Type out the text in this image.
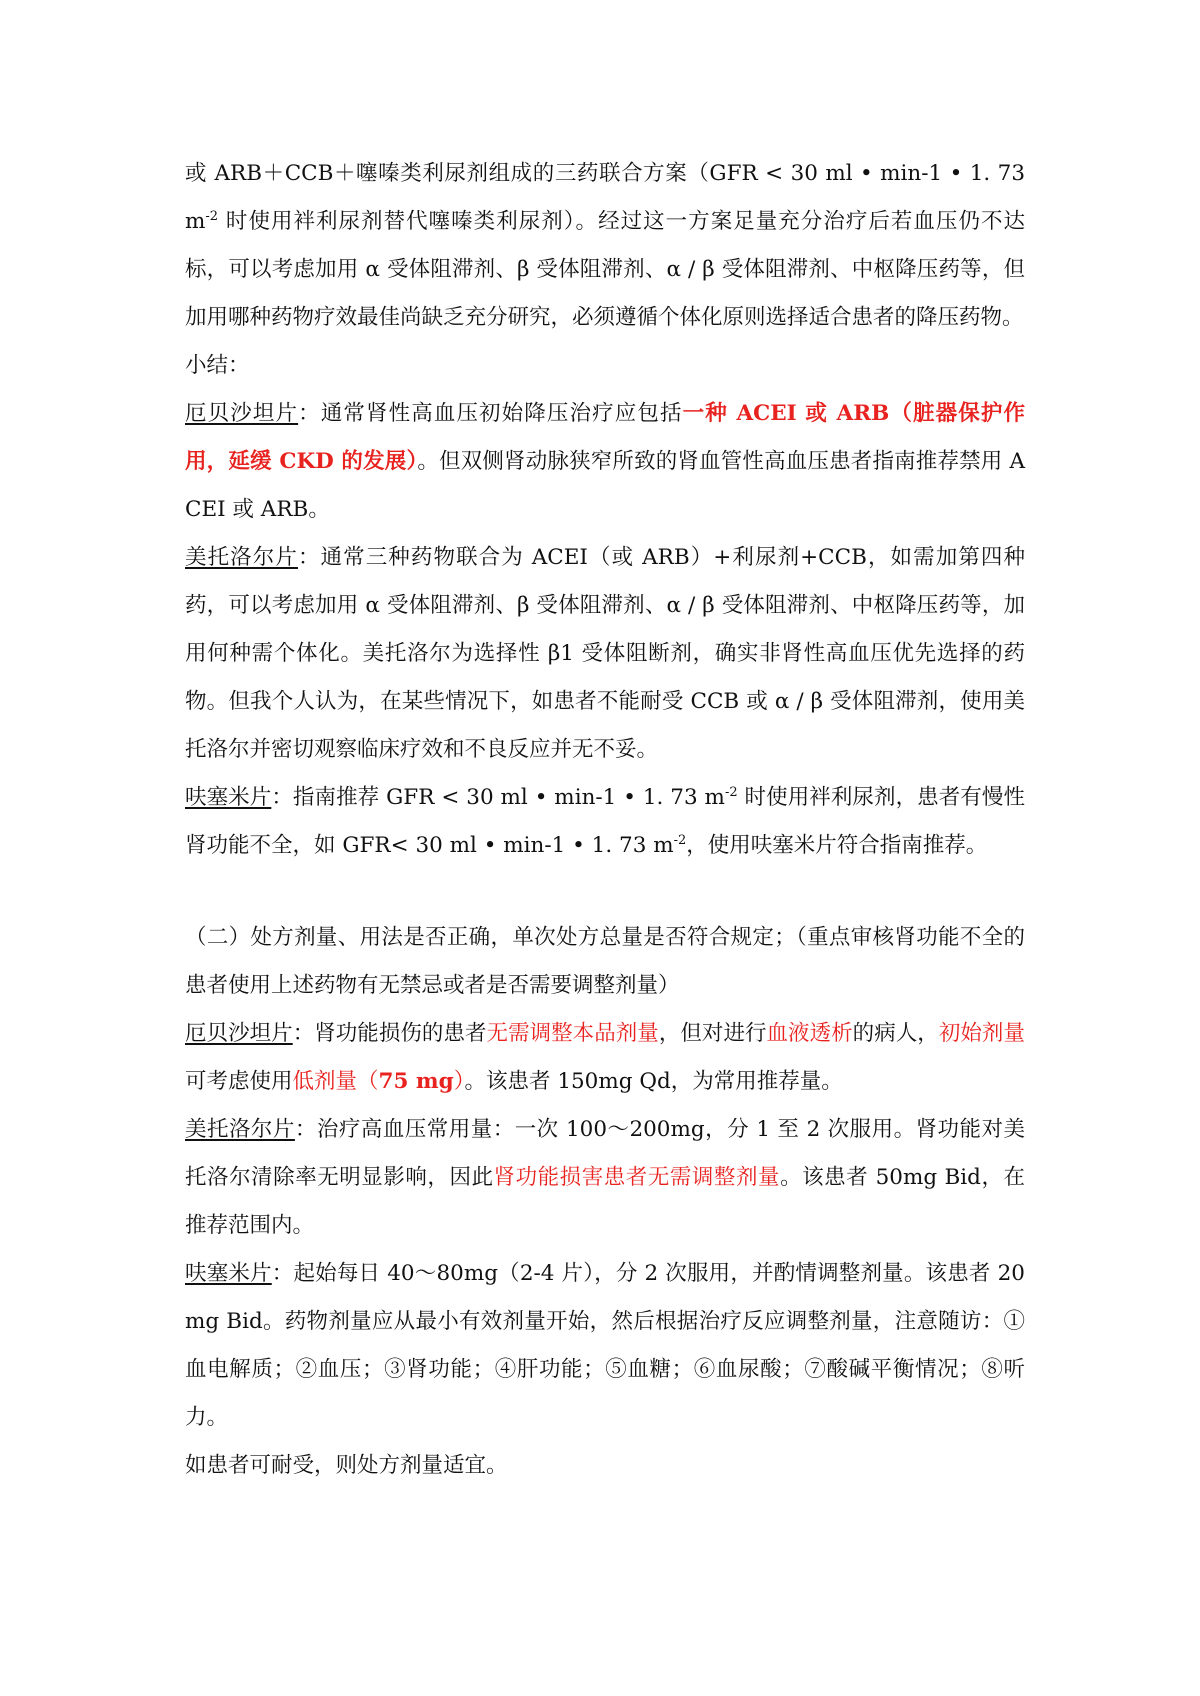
或 ARB＋CCB＋噻嗪类利尿剂组成的三药联合方案（GFR < 30 ml • min-1 • 1. 73 $m^{-2}$ 时使用袢利尿剂替代噻嗪类利尿剂）。经过这一方案足量充分治疗后若血压仍不达标，可以考虑加用 α 受体阻滞剂、β 受体阻滞剂、α / β 受体阻滞剂、中枢降压药等，但加用哪种药物疗效最佳尚缺乏充分研究，必须遵循个体化原则选择适合患者的降压药物。

小结：

厄贝沙坦片：通常肾性高血压初始降压治疗应包括一种 ACEI 或 ARB（脏器保护作用，延缓 CKD 的发展）。但双侧肾动脉狭窄所致的肾血管性高血压患者指南推荐禁用 ACEI 或 ARB。

美托洛尔片：通常三种药物联合为 ACEI（或 ARB）+利尿剂+CCB，如需加第四种药，可以考虑加用 α 受体阻滞剂、β 受体阻滞剂、α / β 受体阻滞剂、中枢降压药等，加用何种需个体化。美托洛尔为选择性 β1 受体阻断剂，确实非肾性高血压优先选择的药物。但我个人认为，在某些情况下，如患者不能耐受 CCB 或 α / β 受体阻滞剂，使用美托洛尔并密切观察临床疗效和不良反应并无不妥。

呋塞米片：指南推荐 GFR < 30 ml • min-1 • 1. 73 $m^{-2}$ 时使用袢利尿剂，患者有慢性肾功能不全，如 GFR< 30 ml • min-1 • 1. 73 $m^{-2}$，使用呋塞米片符合指南推荐。

（二）处方剂量、用法是否正确，单次处方总量是否符合规定；（重点审核肾功能不全的患者使用上述药物有无禁忌或者是否需要调整剂量）

厄贝沙坦片：肾功能损伤的患者无需调整本品剂量，但对进行血液透析的病人，初始剂量可考虑使用低剂量（75 mg）。该患者 150mg Qd，为常用推荐量。

美托洛尔片：治疗高血压常用量：一次 100～200mg，分 1 至 2 次服用。肾功能对美托洛尔清除率无明显影响，因此肾功能损害患者无需调整剂量。该患者 50mg Bid，在推荐范围内。

呋塞米片：起始每日 40～80mg（2-4 片），分 2 次服用，并酌情调整剂量。该患者 20mg Bid。药物剂量应从最小有效剂量开始，然后根据治疗反应调整剂量，注意随访：①血电解质；②血压；③肾功能；④肝功能；⑤血糖；⑥血尿酸；⑦酸碱平衡情况；⑧听力。

如患者可耐受，则处方剂量适宜。
